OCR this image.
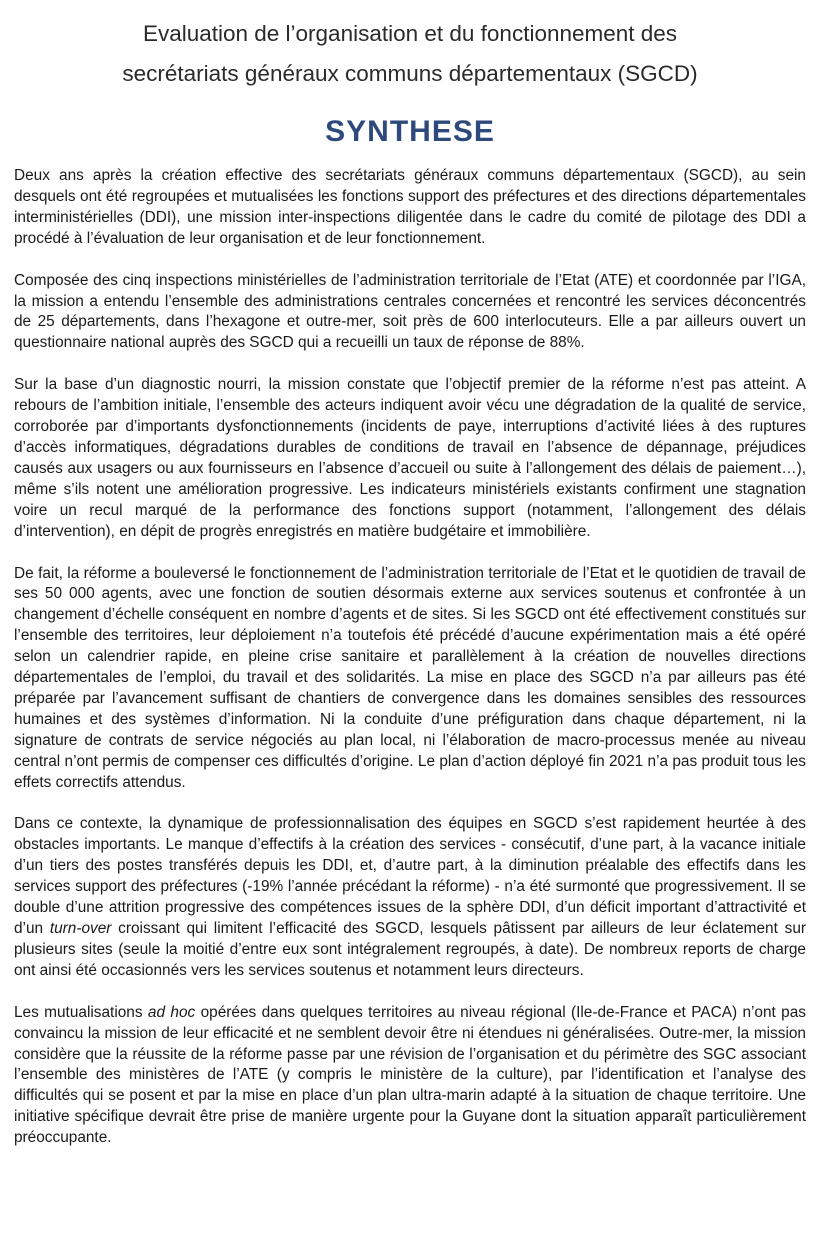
Evaluation de l’organisation et du fonctionnement des
secrétariats généraux communs départementaux (SGCD)
SYNTHESE

Deux ans après la création effective des secrétariats généraux communs départementaux (SGCD), au sein desquels ont été regroupées et mutualisées les fonctions support des préfectures et des directions départementales interministérielles (DDI), une mission inter-inspections diligentée dans le cadre du comité de pilotage des DDI a procédé à l’évaluation de leur organisation et de leur fonctionnement.

Composée des cinq inspections ministérielles de l’administration territoriale de l’Etat (ATE) et coordonnée par l’IGA, la mission a entendu l’ensemble des administrations centrales concernées et rencontré les services déconcentrés de 25 départements, dans l’hexagone et outre-mer, soit près de 600 interlocuteurs. Elle a par ailleurs ouvert un questionnaire national auprès des SGCD qui a recueilli un taux de réponse de 88%.

Sur la base d’un diagnostic nourri, la mission constate que l’objectif premier de la réforme n’est pas atteint. A rebours de l’ambition initiale, l’ensemble des acteurs indiquent avoir vécu une dégradation de la qualité de service, corroborée par d’importants dysfonctionnements (incidents de paye, interruptions d’activité liées à des ruptures d’accès informatiques, dégradations durables de conditions de travail en l’absence de dépannage, préjudices causés aux usagers ou aux fournisseurs en l’absence d’accueil ou suite à l’allongement des délais de paiement…), même s’ils notent une amélioration progressive. Les indicateurs ministériels existants confirment une stagnation voire un recul marqué de la performance des fonctions support (notamment, l’allongement des délais d’intervention), en dépit de progrès enregistrés en matière budgétaire et immobilière.

De fait, la réforme a bouleversé le fonctionnement de l’administration territoriale de l’Etat et le quotidien de travail de ses 50 000 agents, avec une fonction de soutien désormais externe aux services soutenus et confrontée à un changement d’échelle conséquent en nombre d’agents et de sites. Si les SGCD ont été effectivement constitués sur l’ensemble des territoires, leur déploiement n’a toutefois été précédé d’aucune expérimentation mais a été opéré selon un calendrier rapide, en pleine crise sanitaire et parallèlement à la création de nouvelles directions départementales de l’emploi, du travail et des solidarités. La mise en place des SGCD n’a par ailleurs pas été préparée par l’avancement suffisant de chantiers de convergence dans les domaines sensibles des ressources humaines et des systèmes d’information. Ni la conduite d’une préfiguration dans chaque département, ni la signature de contrats de service négociés au plan local, ni l’élaboration de macro-processus menée au niveau central n’ont permis de compenser ces difficultés d’origine. Le plan d’action déployé fin 2021 n’a pas produit tous les effets correctifs attendus.

Dans ce contexte, la dynamique de professionnalisation des équipes en SGCD s’est rapidement heurtée à des obstacles importants. Le manque d’effectifs à la création des services - consécutif, d’une part, à la vacance initiale d’un tiers des postes transférés depuis les DDI, et, d’autre part, à la diminution préalable des effectifs dans les services support des préfectures (-19% l’année précédant la réforme) - n’a été surmonté que progressivement. Il se double d’une attrition progressive des compétences issues de la sphère DDI, d’un déficit important d’attractivité et d’un turn-over croissant qui limitent l’efficacité des SGCD, lesquels pâtissent par ailleurs de leur éclatement sur plusieurs sites (seule la moitié d’entre eux sont intégralement regroupés, à date). De nombreux reports de charge ont ainsi été occasionnés vers les services soutenus et notamment leurs directeurs.

Les mutualisations ad hoc opérées dans quelques territoires au niveau régional (Ile-de-France et PACA) n’ont pas convaincu la mission de leur efficacité et ne semblent devoir être ni étendues ni généralisées. Outre-mer, la mission considère que la réussite de la réforme passe par une révision de l’organisation et du périmètre des SGC associant l’ensemble des ministères de l’ATE (y compris le ministère de la culture), par l’identification et l’analyse des difficultés qui se posent et par la mise en place d’un plan ultra-marin adapté à la situation de chaque territoire. Une initiative spécifique devrait être prise de manière urgente pour la Guyane dont la situation apparaît particulièrement préoccupante.
